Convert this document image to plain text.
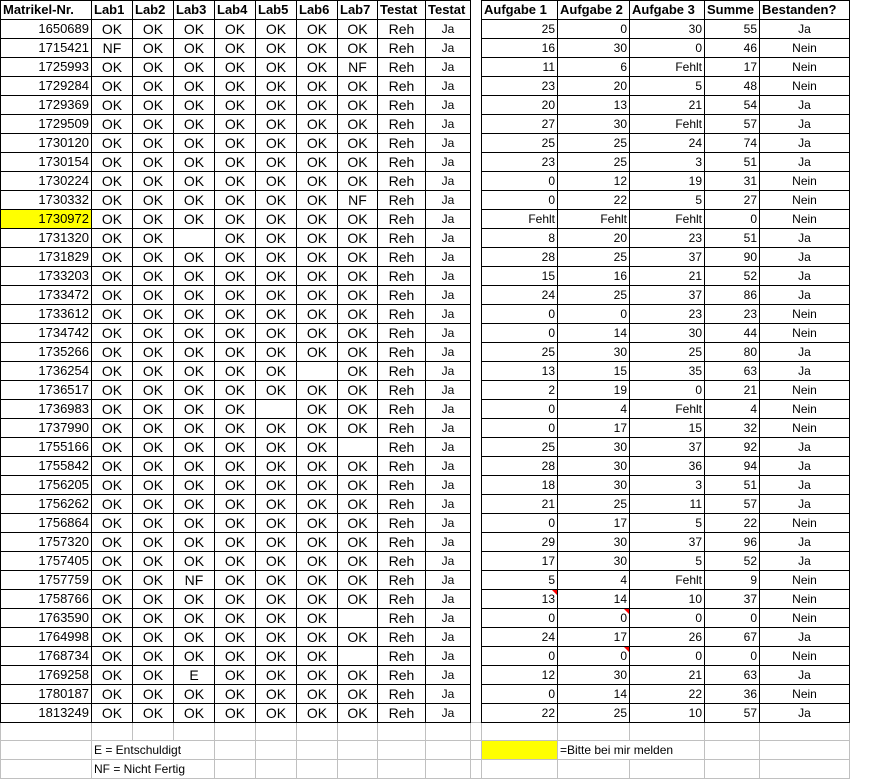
Matrikel-Nr.	Lab1	Lab2	Lab3	Lab4	Lab5	Lab6	Lab7	Testat	Testat		Aufgabe 1	Aufgabe 2	Aufgabe 3	Summe	Bestanden?
1650689	OK	OK	OK	OK	OK	OK	OK	Reh	Ja		25	0	30	55	Ja
1715421	NF	OK	OK	OK	OK	OK	OK	Reh	Ja		16	30	0	46	Nein
1725993	OK	OK	OK	OK	OK	OK	NF	Reh	Ja		11	6	Fehlt	17	Nein
1729284	OK	OK	OK	OK	OK	OK	OK	Reh	Ja		23	20	5	48	Nein
1729369	OK	OK	OK	OK	OK	OK	OK	Reh	Ja		20	13	21	54	Ja
1729509	OK	OK	OK	OK	OK	OK	OK	Reh	Ja		27	30	Fehlt	57	Ja
1730120	OK	OK	OK	OK	OK	OK	OK	Reh	Ja		25	25	24	74	Ja
1730154	OK	OK	OK	OK	OK	OK	OK	Reh	Ja		23	25	3	51	Ja
1730224	OK	OK	OK	OK	OK	OK	OK	Reh	Ja		0	12	19	31	Nein
1730332	OK	OK	OK	OK	OK	OK	NF	Reh	Ja		0	22	5	27	Nein
1730972	OK	OK	OK	OK	OK	OK	OK	Reh	Ja		Fehlt	Fehlt	Fehlt	0	Nein
1731320	OK	OK		OK	OK	OK	OK	Reh	Ja		8	20	23	51	Ja
1731829	OK	OK	OK	OK	OK	OK	OK	Reh	Ja		28	25	37	90	Ja
1733203	OK	OK	OK	OK	OK	OK	OK	Reh	Ja		15	16	21	52	Ja
1733472	OK	OK	OK	OK	OK	OK	OK	Reh	Ja		24	25	37	86	Ja
1733612	OK	OK	OK	OK	OK	OK	OK	Reh	Ja		0	0	23	23	Nein
1734742	OK	OK	OK	OK	OK	OK	OK	Reh	Ja		0	14	30	44	Nein
1735266	OK	OK	OK	OK	OK	OK	OK	Reh	Ja		25	30	25	80	Ja
1736254	OK	OK	OK	OK	OK		OK	Reh	Ja		13	15	35	63	Ja
1736517	OK	OK	OK	OK	OK	OK	OK	Reh	Ja		2	19	0	21	Nein
1736983	OK	OK	OK	OK		OK	OK	Reh	Ja		0	4	Fehlt	4	Nein
1737990	OK	OK	OK	OK	OK	OK	OK	Reh	Ja		0	17	15	32	Nein
1755166	OK	OK	OK	OK	OK	OK		Reh	Ja		25	30	37	92	Ja
1755842	OK	OK	OK	OK	OK	OK	OK	Reh	Ja		28	30	36	94	Ja
1756205	OK	OK	OK	OK	OK	OK	OK	Reh	Ja		18	30	3	51	Ja
1756262	OK	OK	OK	OK	OK	OK	OK	Reh	Ja		21	25	11	57	Ja
1756864	OK	OK	OK	OK	OK	OK	OK	Reh	Ja		0	17	5	22	Nein
1757320	OK	OK	OK	OK	OK	OK	OK	Reh	Ja		29	30	37	96	Ja
1757405	OK	OK	OK	OK	OK	OK	OK	Reh	Ja		17	30	5	52	Ja
1757759	OK	OK	NF	OK	OK	OK	OK	Reh	Ja		5	4	Fehlt	9	Nein
1758766	OK	OK	OK	OK	OK	OK	OK	Reh	Ja		13	14	10	37	Nein
1763590	OK	OK	OK	OK	OK	OK		Reh	Ja		0	0	0	0	Nein
1764998	OK	OK	OK	OK	OK	OK	OK	Reh	Ja		24	17	26	67	Ja
1768734	OK	OK	OK	OK	OK	OK		Reh	Ja		0	0	0	0	Nein
1769258	OK	OK	E	OK	OK	OK	OK	Reh	Ja		12	30	21	63	Ja
1780187	OK	OK	OK	OK	OK	OK	OK	Reh	Ja		0	14	22	36	Nein
1813249	OK	OK	OK	OK	OK	OK	OK	Reh	Ja		22	25	10	57	Ja

	E = Entschuldigt											=Bitte bei mir melden			
	NF = Nicht Fertig														
